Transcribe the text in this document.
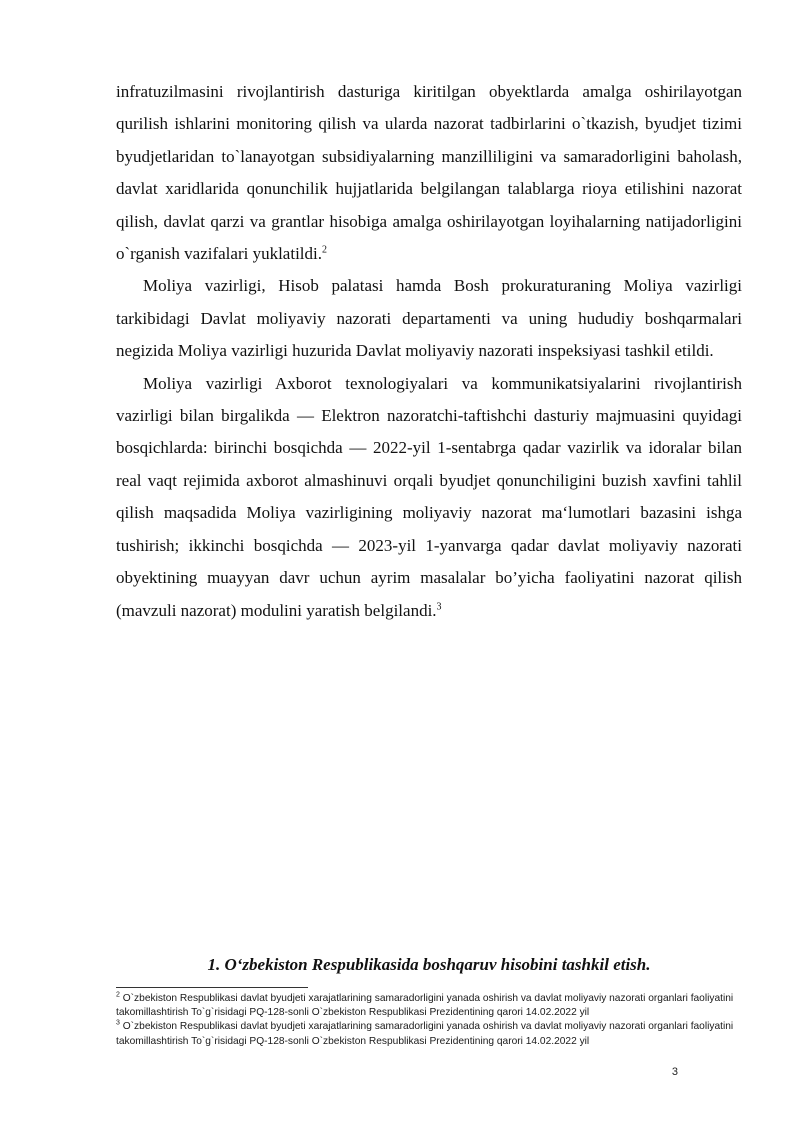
infratuzilmasini rivojlantirish dasturiga kiritilgan obyektlarda amalga oshirilayotgan qurilish ishlarini monitoring qilish va ularda nazorat tadbirlarini o`tkazish, byudjet tizimi byudjetlaridan to`lanayotgan subsidiyalarning manzilliligini va samaradorligini baholash, davlat xaridlarida qonunchilik hujjatlarida belgilangan talablarga rioya etilishini nazorat qilish, davlat qarzi va grantlar hisobiga amalga oshirilayotgan loyihalarning natijadorligini o`rganish vazifalari yuklatildi.$^2$

Moliya vazirligi, Hisob palatasi hamda Bosh prokuraturaning Moliya vazirligi tarkibidagi Davlat moliyaviy nazorati departamenti va uning hududiy boshqarmalari negizida Moliya vazirligi huzurida Davlat moliyaviy nazorati inspeksiyasi tashkil etildi.

Moliya vazirligi Axborot texnologiyalari va kommunikatsiyalarini rivojlantirish vazirligi bilan birgalikda — Elektron nazoratchi-taftishchi dasturiy majmuasini quyidagi bosqichlarda: birinchi bosqichda — 2022-yil 1-sentabrga qadar vazirlik va idoralar bilan real vaqt rejimida axborot almashinuvi orqali byudjet qonunchiligini buzish xavfini tahlil qilish maqsadida Moliya vazirligining moliyaviy nazorat ma‘lumotlari bazasini ishga tushirish; ikkinchi bosqichda — 2023-yil 1-yanvarga qadar davlat moliyaviy nazorati obyektining muayyan davr uchun ayrim masalalar bo’yicha faoliyatini nazorat qilish (mavzuli nazorat) modulini yaratish belgilandi.$^3$

1. O‘zbekiston Respublikasida boshqaruv hisobini tashkil etish.

$^2$ O`zbekiston Respublikasi davlat byudjeti xarajatlarining samaradorligini yanada oshirish va davlat moliyaviy nazorati organlari faoliyatini takomillashtirish To`g`risidagi PQ-128-sonli O`zbekiston Respublikasi Prezidentining qarori 14.02.2022 yil

$^3$ O`zbekiston Respublikasi davlat byudjeti xarajatlarining samaradorligini yanada oshirish va davlat moliyaviy nazorati organlari faoliyatini takomillashtirish To`g`risidagi PQ-128-sonli O`zbekiston Respublikasi Prezidentining qarori 14.02.2022 yil

3
